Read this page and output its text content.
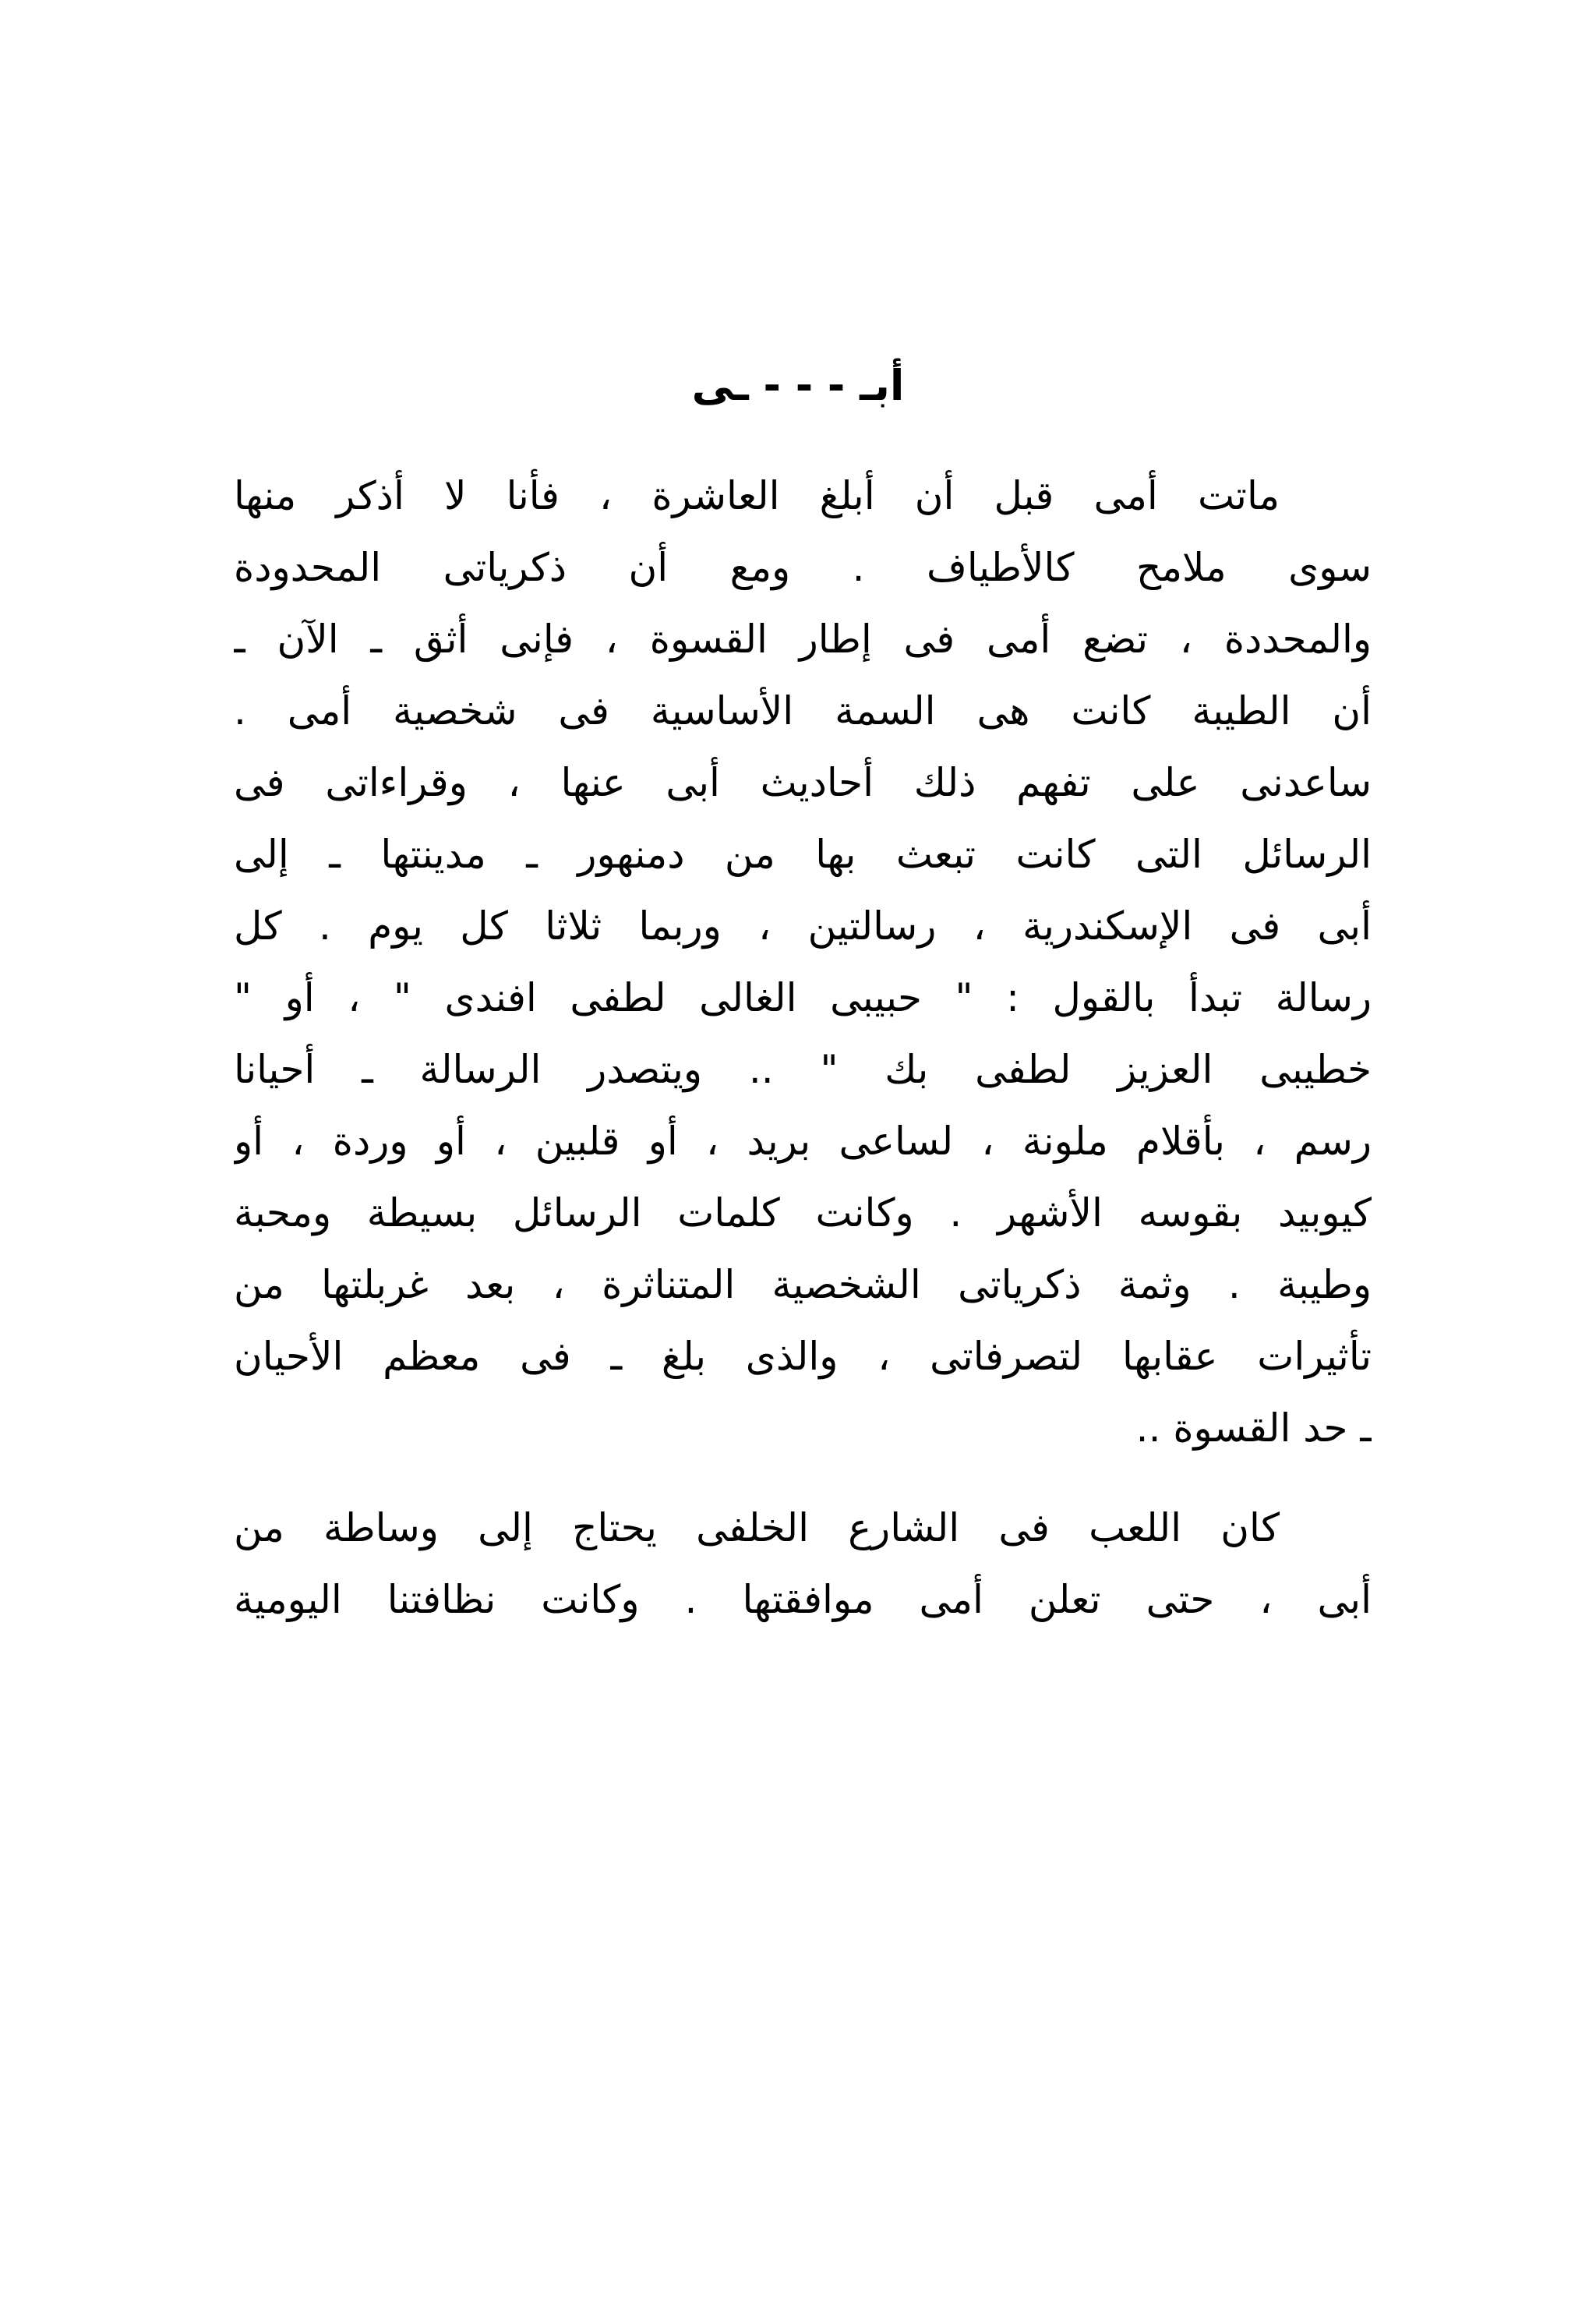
أبـ - - - ـى
ماتت أمى قبل أن أبلغ العاشرة ، فأنا لا أذكر منها
سوى ملامح كالأطياف . ومع أن ذكرياتى المحدودة
والمحددة ، تضع أمى فى إطار القسوة ، فإنى أثق ـ الآن ـ
أن الطيبة كانت هى السمة الأساسية فى شخصية أمى .
ساعدنى على تفهم ذلك أحاديث أبى عنها ، وقراءاتى فى
الرسائل التى كانت تبعث بها من دمنهور ـ مدينتها ـ إلى
أبى فى الإسكندرية ، رسالتين ، وربما ثلاثا كل يوم . كل
رسالة تبدأ بالقول : " حبيبى الغالى لطفى افندى " ، أو "
خطيبى العزيز لطفى بك " .. ويتصدر الرسالة ـ أحيانا
رسم ، بأقلام ملونة ، لساعى بريد ، أو قلبين ، أو وردة ، أو
كيوبيد بقوسه الأشهر . وكانت كلمات الرسائل بسيطة ومحبة
وطيبة . وثمة ذكرياتى الشخصية المتناثرة ، بعد غربلتها من
تأثيرات عقابها لتصرفاتى ، والذى بلغ ـ فى معظم الأحيان
ـ حد القسوة ..
كان اللعب فى الشارع الخلفى يحتاج إلى وساطة من
أبى ، حتى تعلن أمى موافقتها . وكانت نظافتنا اليومية
